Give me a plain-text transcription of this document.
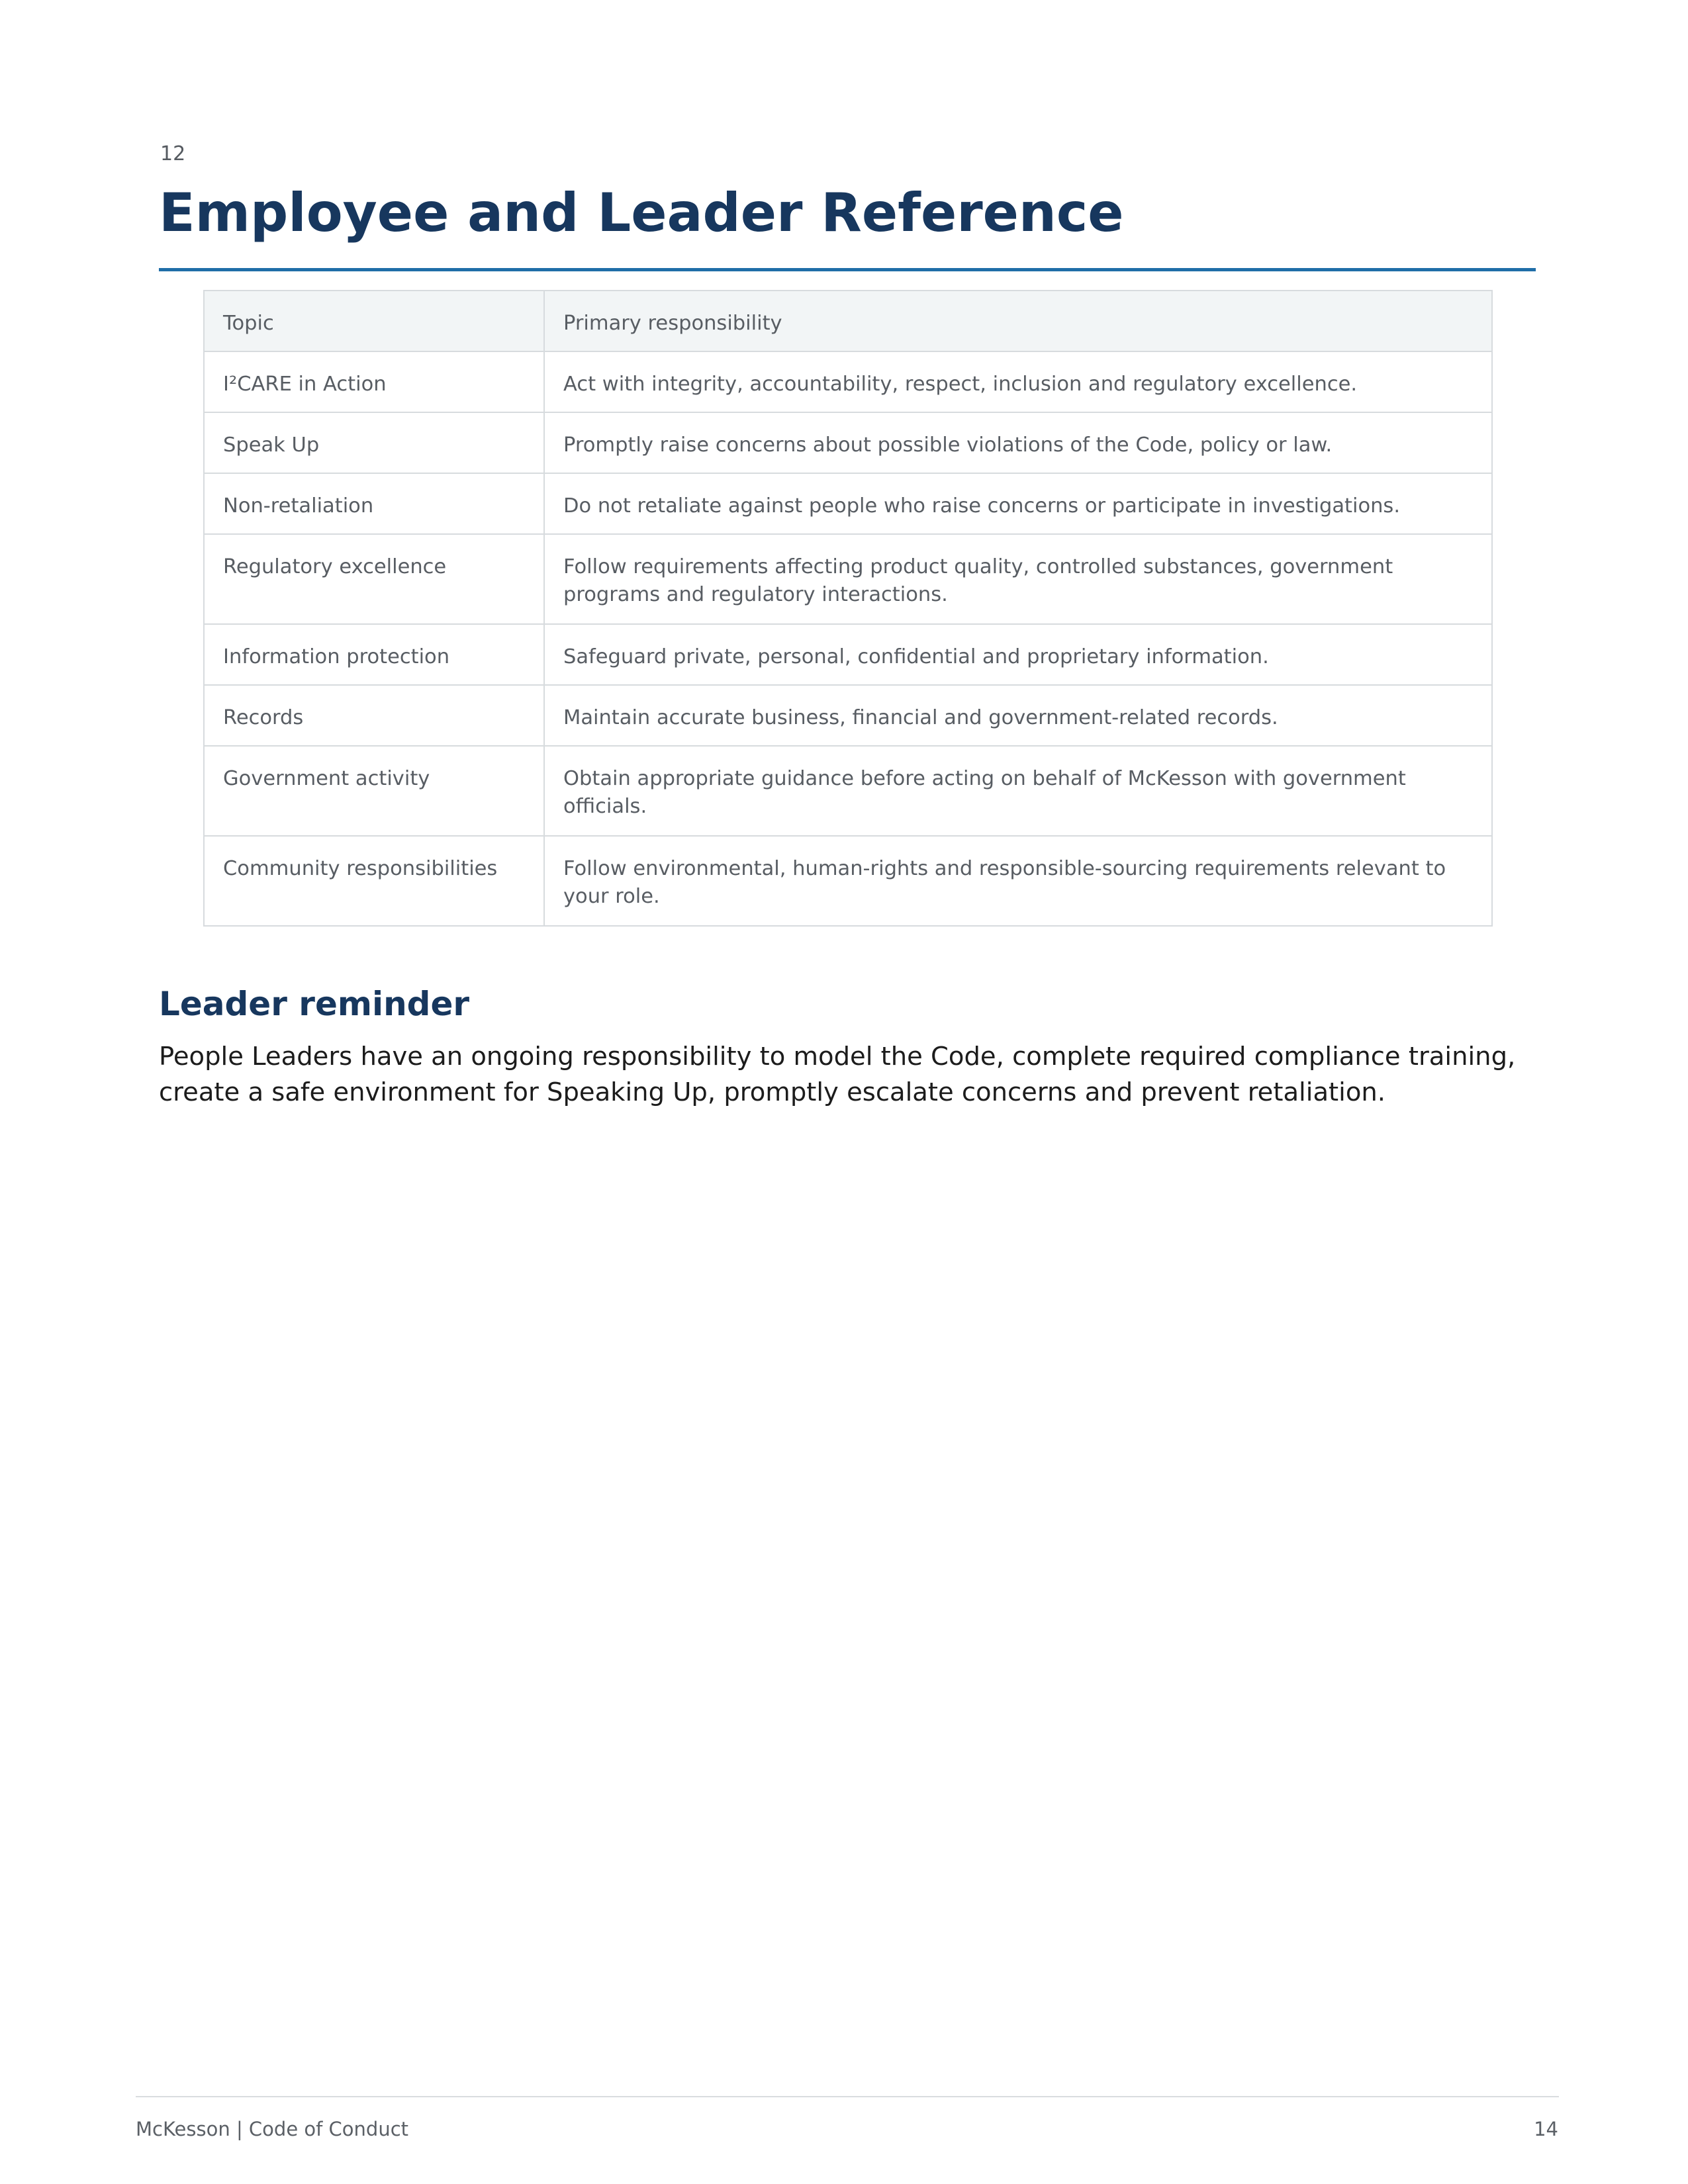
12
Employee and Leader Reference
Topic	Primary responsibility
I²CARE in Action	Act with integrity, accountability, respect, inclusion and regulatory excellence.
Speak Up	Promptly raise concerns about possible violations of the Code, policy or law.
Non-retaliation	Do not retaliate against people who raise concerns or participate in investigations.
Regulatory excellence	Follow requirements affecting product quality, controlled substances, government programs and regulatory interactions.
Information protection	Safeguard private, personal, confidential and proprietary information.
Records	Maintain accurate business, financial and government-related records.
Government activity	Obtain appropriate guidance before acting on behalf of McKesson with government officials.
Community responsibilities	Follow environmental, human-rights and responsible-sourcing requirements relevant to your role.
Leader reminder

People Leaders have an ongoing responsibility to model the Code, complete required compliance training, create a safe environment for Speaking Up, promptly escalate concerns and prevent retaliation.

McKesson | Code of Conduct	14
